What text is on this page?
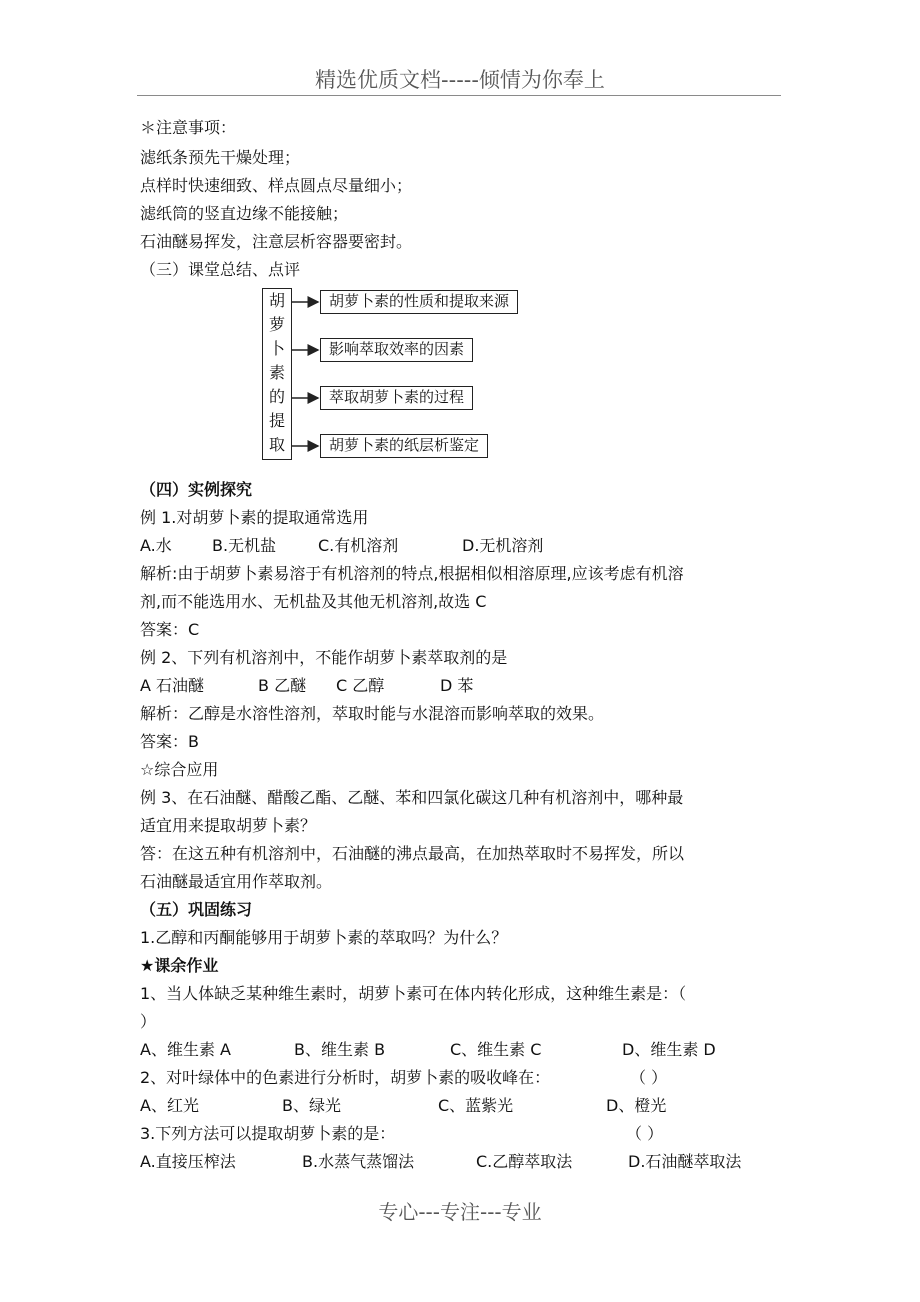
精选优质文档-----倾情为你奉上
＊注意事项：
滤纸条预先干燥处理；
点样时快速细致、样点圆点尽量细小；
滤纸筒的竖直边缘不能接触；
石油醚易挥发，注意层析容器要密封。
（三）课堂总结、点评
胡
萝
卜
素
的
提
取
胡萝卜素的性质和提取来源
影响萃取效率的因素
萃取胡萝卜素的过程
胡萝卜素的纸层析鉴定
（四）实例探究
例 1.对胡萝卜素的提取通常选用
A.水	B.无机盐	C.有机溶剂	D.无机溶剂
解析:由于胡萝卜素易溶于有机溶剂的特点,根据相似相溶原理,应该考虑有机溶
剂,而不能选用水、无机盐及其他无机溶剂,故选 C
答案：C
例 2、下列有机溶剂中，不能作胡萝卜素萃取剂的是
A 石油醚	B 乙醚 C 乙醇	D 苯
解析：乙醇是水溶性溶剂，萃取时能与水混溶而影响萃取的效果。
答案：B
☆综合应用
例 3、在石油醚、醋酸乙酯、乙醚、苯和四氯化碳这几种有机溶剂中，哪种最
适宜用来提取胡萝卜素？
答：在这五种有机溶剂中，石油醚的沸点最高，在加热萃取时不易挥发，所以
石油醚最适宜用作萃取剂。
（五）巩固练习
1.乙醇和丙酮能够用于胡萝卜素的萃取吗？为什么？
★课余作业
1、当人体缺乏某种维生素时，胡萝卜素可在体内转化形成，这种维生素是：（
）
A、维生素 A	B、维生素 B	C、维生素 C	D、维生素 D
2、对叶绿体中的色素进行分析时，胡萝卜素的吸收峰在：	（ ）
A、红光	B、绿光	C、蓝紫光	D、橙光
3.下列方法可以提取胡萝卜素的是：	（ ）
A.直接压榨法	B.水蒸气蒸馏法	C.乙醇萃取法	D.石油醚萃取法
专心---专注---专业
